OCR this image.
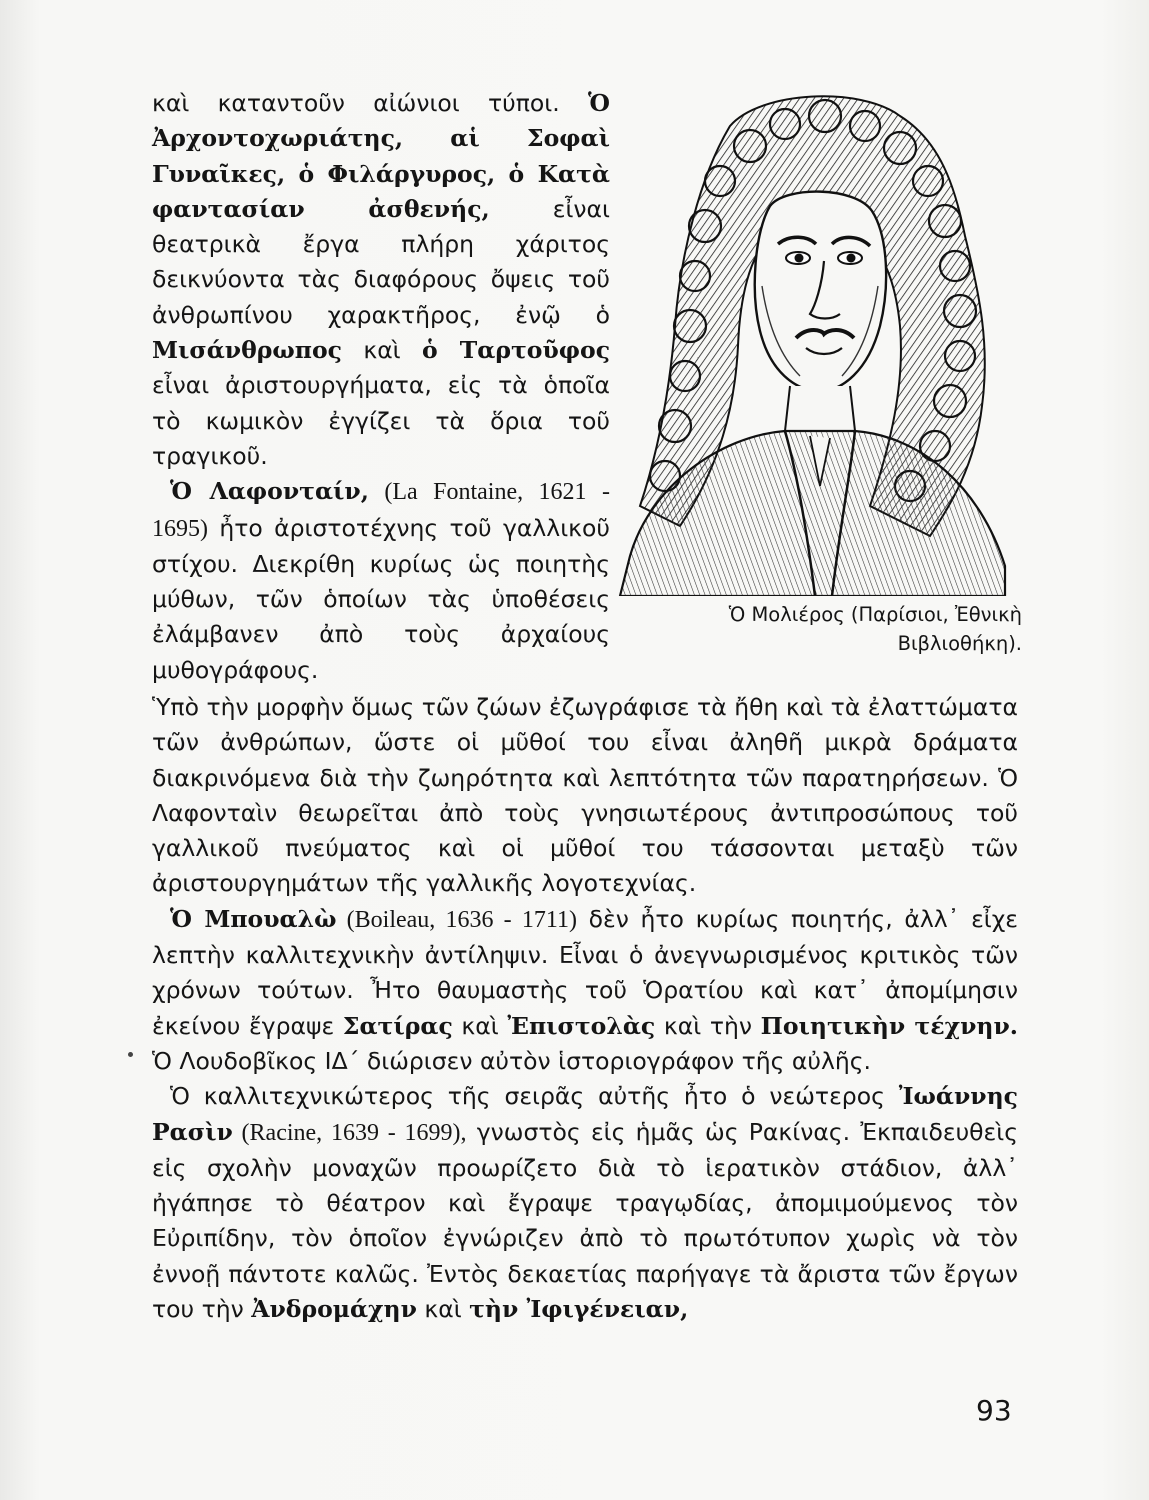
καὶ καταντοῦν αἰώνιοι τύποι. Ὁ Ἀρχοντοχωριάτης, αἱ Σοφαὶ Γυναῖκες, ὁ Φιλάργυρος, ὁ Κατὰ φαντασίαν ἀσθενής, εἶναι θεατρικὰ ἔργα πλήρη χάριτος δεικνύοντα τὰς διαφόρους ὄψεις τοῦ ἀνθρωπίνου χαρακτῆρος, ἐνῷ ὁ Μισάνθρωπος καὶ ὁ Ταρτοῦφος εἶναι ἀριστουργήματα, εἰς τὰ ὁποῖα τὸ κωμικὸν ἐγγίζει τὰ ὅρια τοῦ τραγικοῦ.

Ὁ Λαφονταίν, (La Fontaine, 1621 - 1695) ἦτο ἀριστοτέχνης τοῦ γαλλικοῦ στίχου. Διεκρίθη κυρίως ὡς ποιητὴς μύθων, τῶν ὁποίων τὰς ὑποθέσεις ἐλάμβανεν ἀπὸ τοὺς ἀρχαίους μυθογράφους.

Ὁ Μολιέρος (Παρίσιοι, Ἐθνικὴ Βιβλιοθήκη).

Ὑπὸ τὴν μορφὴν ὅμως τῶν ζώων ἐζωγράφισε τὰ ἤθη καὶ τὰ ἐλαττώματα τῶν ἀνθρώπων, ὥστε οἱ μῦθοί του εἶναι ἀληθῆ μικρὰ δράματα διακρινόμενα διὰ τὴν ζωηρότητα καὶ λεπτότητα τῶν παρατηρήσεων. Ὁ Λαφονταὶν θεωρεῖται ἀπὸ τοὺς γνησιωτέρους ἀντιπροσώπους τοῦ γαλλικοῦ πνεύματος καὶ οἱ μῦθοί του τάσσονται μεταξὺ τῶν ἀριστουργημάτων τῆς γαλλικῆς λογοτεχνίας.

Ὁ Μπουαλὼ (Boileau, 1636 - 1711) δὲν ἦτο κυρίως ποιητής, ἀλλ᾽ εἶχε λεπτὴν καλλιτεχνικὴν ἀντίληψιν. Εἶναι ὁ ἀνεγνωρισμένος κριτικὸς τῶν χρόνων τούτων. Ἦτο θαυμαστὴς τοῦ Ὁρατίου καὶ κατ᾽ ἀπομίμησιν ἐκείνου ἔγραψε Σατίρας καὶ Ἐπιστολὰς καὶ τὴν Ποιητικὴν τέχνην. Ὁ Λουδοβῖκος ΙΔ´ διώρισεν αὐτὸν ἱστοριογράφον τῆς αὐλῆς.

Ὁ καλλιτεχνικώτερος τῆς σειρᾶς αὐτῆς ἦτο ὁ νεώτερος Ἰωάννης Ρασὶν (Racine, 1639 - 1699), γνωστὸς εἰς ἡμᾶς ὡς Ρακίνας. Ἐκπαιδευθεὶς εἰς σχολὴν μοναχῶν προωρίζετο διὰ τὸ ἱερατικὸν στάδιον, ἀλλ᾽ ἠγάπησε τὸ θέατρον καὶ ἔγραψε τραγῳδίας, ἀπομιμούμενος τὸν Εὐριπίδην, τὸν ὁποῖον ἐγνώριζεν ἀπὸ τὸ πρωτότυπον χωρὶς νὰ τὸν ἐννοῇ πάντοτε καλῶς. Ἐντὸς δεκαετίας παρήγαγε τὰ ἄριστα τῶν ἔργων του τὴν Ἀνδρομάχην καὶ τὴν Ἰφιγένειαν,

93
